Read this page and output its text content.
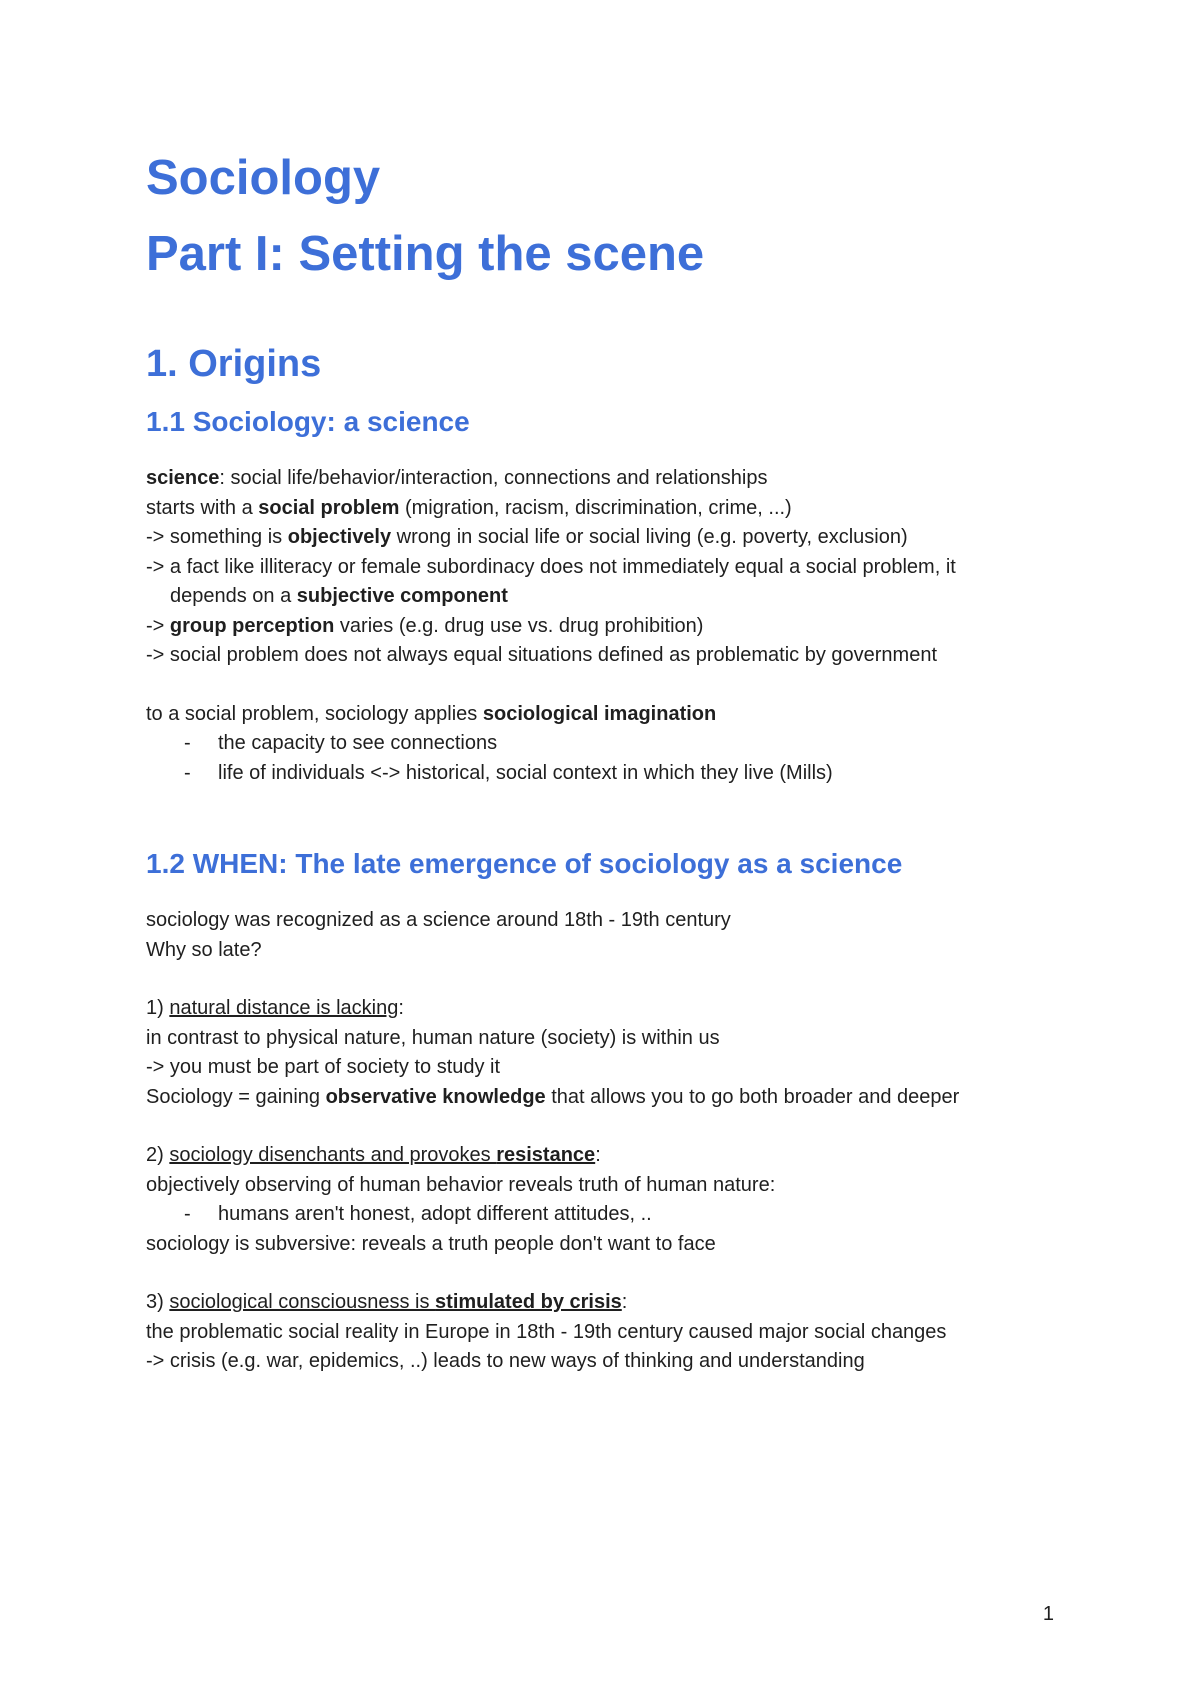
Sociology
Part I: Setting the scene
1. Origins
1.1 Sociology: a science
science: social life/behavior/interaction, connections and relationships
starts with a social problem (migration, racism, discrimination, crime, ...)
-> something is objectively wrong in social life or social living (e.g. poverty, exclusion)
-> a fact like illiteracy or female subordinacy does not immediately equal a social problem, it
depends on a subjective component
-> group perception varies (e.g. drug use vs. drug prohibition)
-> social problem does not always equal situations defined as problematic by government
to a social problem, sociology applies sociological imagination
- the capacity to see connections
- life of individuals <-> historical, social context in which they live (Mills)
1.2 WHEN: The late emergence of sociology as a science
sociology was recognized as a science around 18th - 19th century
Why so late?
1) natural distance is lacking:
in contrast to physical nature, human nature (society) is within us
-> you must be part of society to study it
Sociology = gaining observative knowledge that allows you to go both broader and deeper
2) sociology disenchants and provokes resistance:
objectively observing of human behavior reveals truth of human nature:
- humans aren't honest, adopt different attitudes, ..
sociology is subversive: reveals a truth people don't want to face
3) sociological consciousness is stimulated by crisis:
the problematic social reality in Europe in 18th - 19th century caused major social changes
-> crisis (e.g. war, epidemics, ..) leads to new ways of thinking and understanding
1
